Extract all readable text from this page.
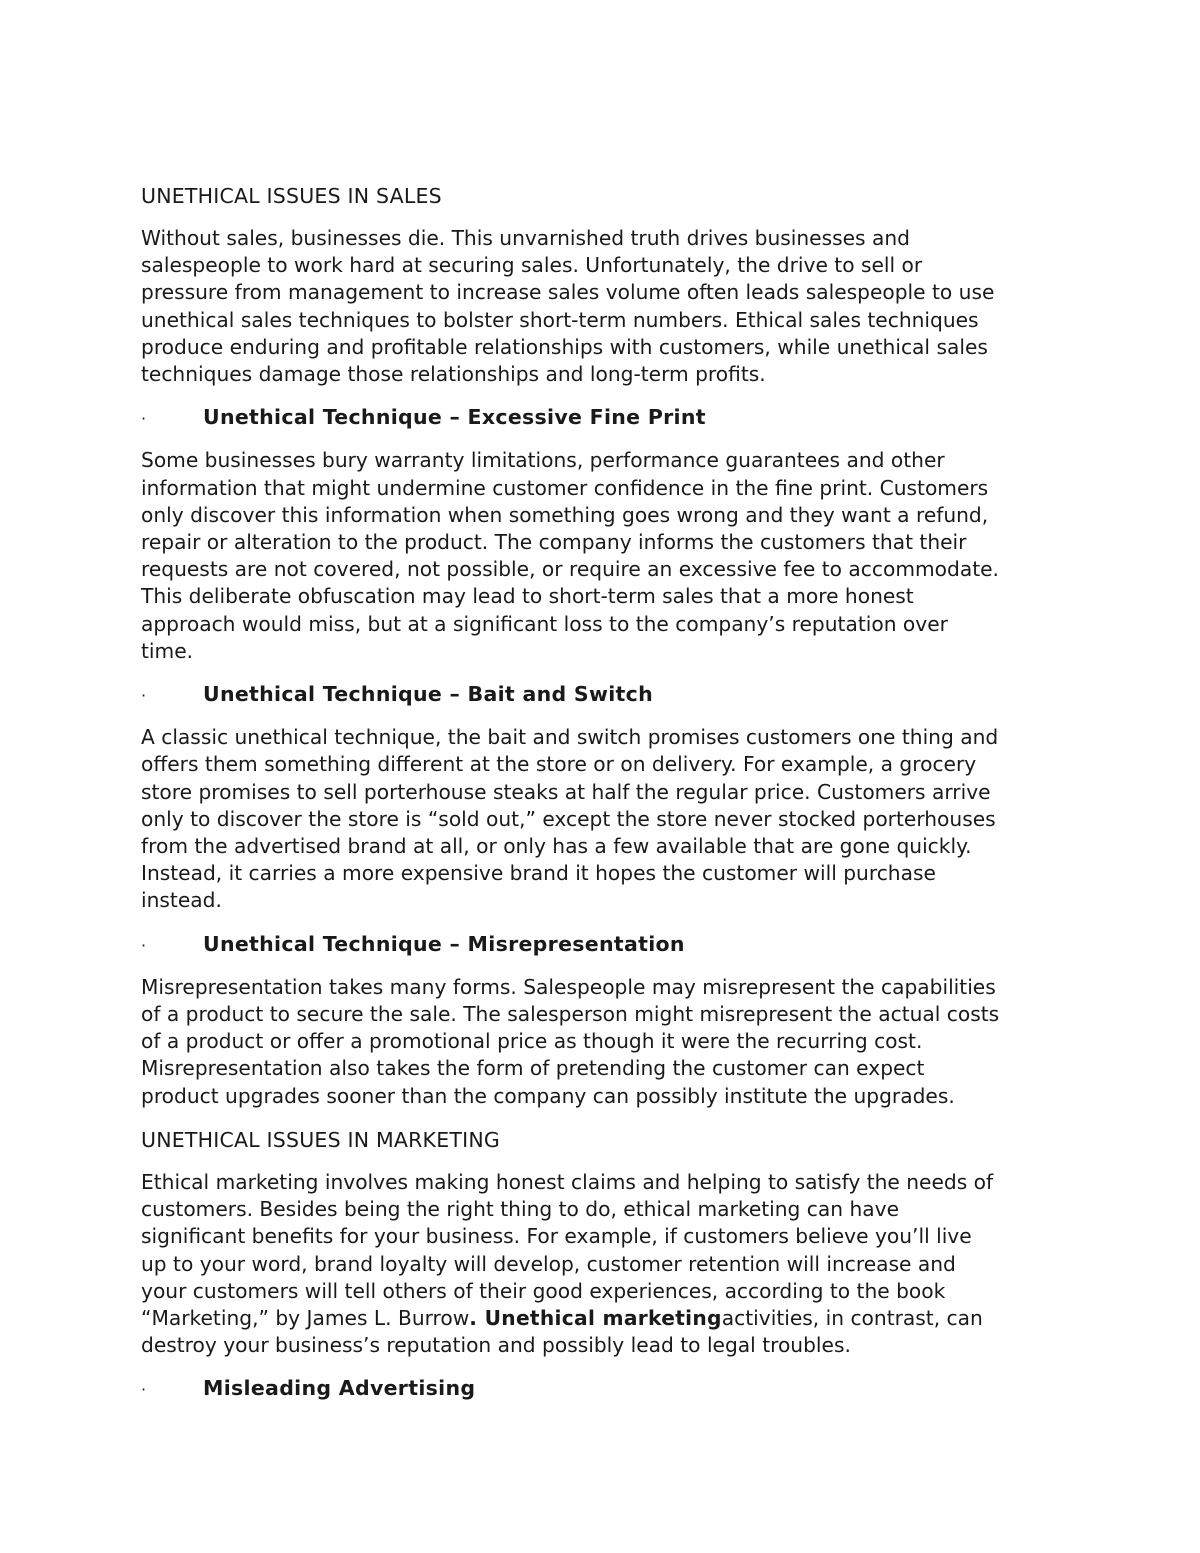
UNETHICAL ISSUES IN SALES

Without sales, businesses die. This unvarnished truth drives businesses and
salespeople to work hard at securing sales. Unfortunately, the drive to sell or
pressure from management to increase sales volume often leads salespeople to use
unethical sales techniques to bolster short-term numbers. Ethical sales techniques
produce enduring and profitable relationships with customers, while unethical sales
techniques damage those relationships and long-term profits.

·	Unethical Technique – Excessive Fine Print

Some businesses bury warranty limitations, performance guarantees and other
information that might undermine customer confidence in the fine print. Customers
only discover this information when something goes wrong and they want a refund,
repair or alteration to the product. The company informs the customers that their
requests are not covered, not possible, or require an excessive fee to accommodate.
This deliberate obfuscation may lead to short-term sales that a more honest
approach would miss, but at a significant loss to the company’s reputation over
time.

·	Unethical Technique – Bait and Switch

A classic unethical technique, the bait and switch promises customers one thing and
offers them something different at the store or on delivery. For example, a grocery
store promises to sell porterhouse steaks at half the regular price. Customers arrive
only to discover the store is “sold out,” except the store never stocked porterhouses
from the advertised brand at all, or only has a few available that are gone quickly.
Instead, it carries a more expensive brand it hopes the customer will purchase
instead.

·	Unethical Technique – Misrepresentation

Misrepresentation takes many forms. Salespeople may misrepresent the capabilities
of a product to secure the sale. The salesperson might misrepresent the actual costs
of a product or offer a promotional price as though it were the recurring cost.
Misrepresentation also takes the form of pretending the customer can expect
product upgrades sooner than the company can possibly institute the upgrades.

UNETHICAL ISSUES IN MARKETING

Ethical marketing involves making honest claims and helping to satisfy the needs of
customers. Besides being the right thing to do, ethical marketing can have
significant benefits for your business. For example, if customers believe you’ll live
up to your word, brand loyalty will develop, customer retention will increase and
your customers will tell others of their good experiences, according to the book
“Marketing,” by James L. Burrow. Unethical marketingactivities, in contrast, can
destroy your business’s reputation and possibly lead to legal troubles.

·	Misleading Advertising
